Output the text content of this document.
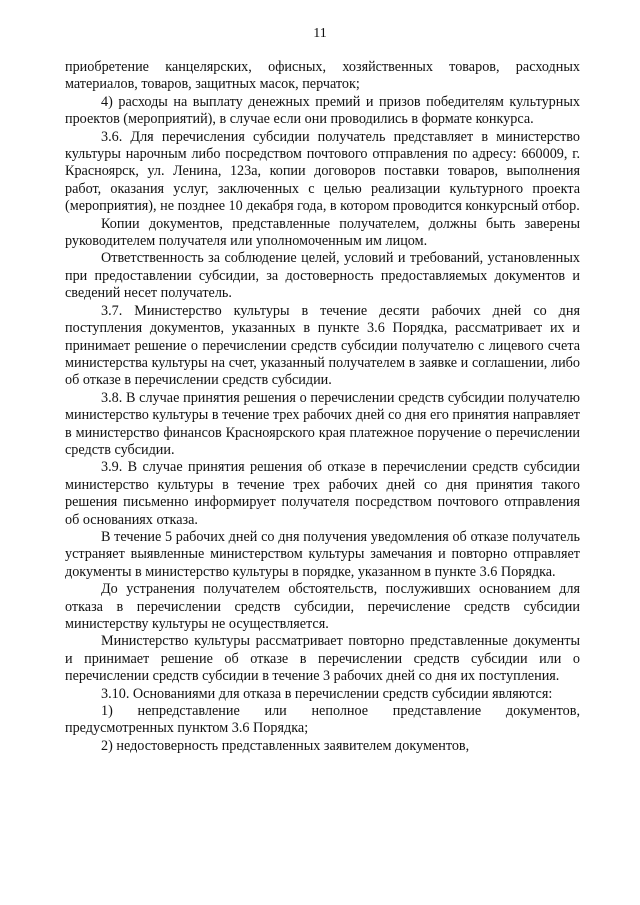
11

приобретение канцелярских, офисных, хозяйственных товаров, расходных материалов, товаров, защитных масок, перчаток;

4) расходы на выплату денежных премий и призов победителям культурных проектов (мероприятий), в случае если они проводились в формате конкурса.

3.6. Для перечисления субсидии получатель представляет в министерство культуры нарочным либо посредством почтового отправления по адресу: 660009, г. Красноярск, ул. Ленина, 123а, копии договоров поставки товаров, выполнения работ, оказания услуг, заключенных с целью реализации культурного проекта (мероприятия), не позднее 10 декабря года, в котором проводится конкурсный отбор.

Копии документов, представленные получателем, должны быть заверены руководителем получателя или уполномоченным им лицом.

Ответственность за соблюдение целей, условий и требований, установленных при предоставлении субсидии, за достоверность предоставляемых документов и сведений несет получатель.

3.7. Министерство культуры в течение десяти рабочих дней со дня поступления документов, указанных в пункте 3.6 Порядка, рассматривает их и принимает решение о перечислении средств субсидии получателю с лицевого счета министерства культуры на счет, указанный получателем в заявке и соглашении, либо об отказе в перечислении средств субсидии.

3.8. В случае принятия решения о перечислении средств субсидии получателю министерство культуры в течение трех рабочих дней со дня его принятия направляет в министерство финансов Красноярского края платежное поручение о перечислении средств субсидии.

3.9. В случае принятия решения об отказе в перечислении средств субсидии министерство культуры в течение трех рабочих дней со дня принятия такого решения письменно информирует получателя посредством почтового отправления об основаниях отказа.

В течение 5 рабочих дней со дня получения уведомления об отказе получатель устраняет выявленные министерством культуры замечания и повторно отправляет документы в министерство культуры в порядке, указанном в пункте 3.6 Порядка.

До устранения получателем обстоятельств, послуживших основанием для отказа в перечислении средств субсидии, перечисление средств субсидии министерству культуры не осуществляется.

Министерство культуры рассматривает повторно представленные документы и принимает решение об отказе в перечислении средств субсидии или о перечислении средств субсидии в течение 3 рабочих дней со дня их поступления.

3.10. Основаниями для отказа в перечислении средств субсидии являются:

1) непредставление или неполное представление документов, предусмотренных пунктом 3.6 Порядка;

2) недостоверность представленных заявителем документов,
